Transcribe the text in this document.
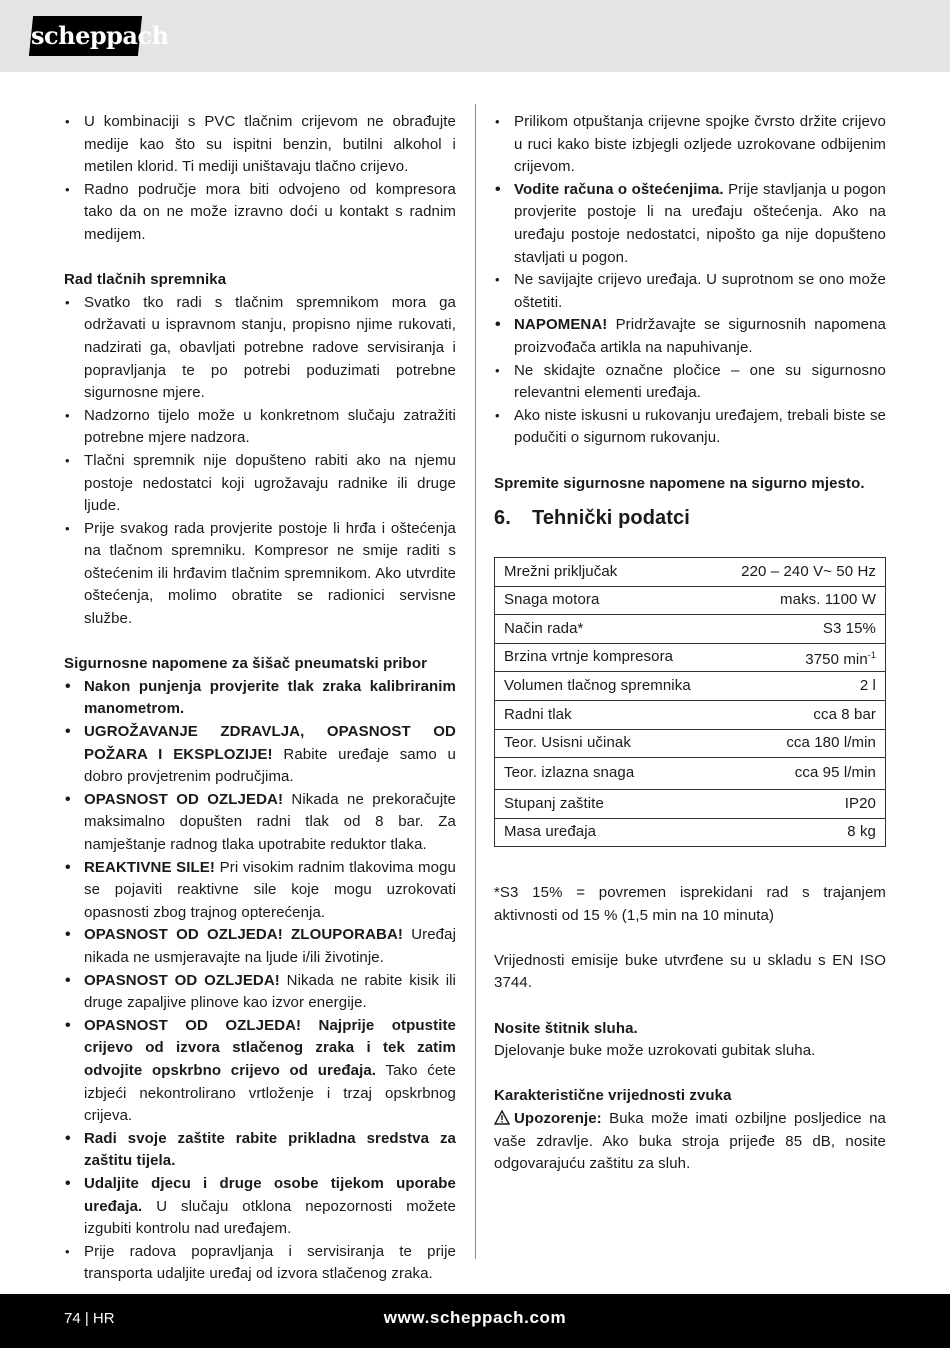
scheppach
• U kombinaciji s PVC tlačnim crijevom ne obrađujte medije kao što su ispitni benzin, butilni alkohol i metilen klorid. Ti mediji uništavaju tlačno crijevo.
• Radno područje mora biti odvojeno od kompresora tako da on ne može izravno doći u kontakt s radnim medijem.
Rad tlačnih spremnika
• Svatko tko radi s tlačnim spremnikom mora ga održavati u ispravnom stanju, propisno njime rukovati, nadzirati ga, obavljati potrebne radove servisiranja i popravljanja te po potrebi poduzimati potrebne sigurnosne mjere.
• Nadzorno tijelo može u konkretnom slučaju zatražiti potrebne mjere nadzora.
• Tlačni spremnik nije dopušteno rabiti ako na njemu postoje nedostatci koji ugrožavaju radnike ili druge ljude.
• Prije svakog rada provjerite postoje li hrđa i oštećenja na tlačnom spremniku. Kompresor ne smije raditi s oštećenim ili hrđavim tlačnim spremnikom. Ako utvrdite oštećenja, molimo obratite se radionici servisne službe.
Sigurnosne napomene za šišač pneumatski pribor
• Nakon punjenja provjerite tlak zraka kalibriranim manometrom.
• UGROŽAVANJE ZDRAVLJA, OPASNOST OD POŽARA I EKSPLOZIJE! Rabite uređaje samo u dobro provjetrenim područjima.
• OPASNOST OD OZLJEDA! Nikada ne prekoračujte maksimalno dopušten radni tlak od 8 bar. Za namještanje radnog tlaka upotrabite reduktor tlaka.
• REAKTIVNE SILE! Pri visokim radnim tlakovima mogu se pojaviti reaktivne sile koje mogu uzrokovati opasnosti zbog trajnog opterećenja.
• OPASNOST OD OZLJEDA! ZLOUPORABA! Uređaj nikada ne usmjeravajte na ljude i/ili životinje.
• OPASNOST OD OZLJEDA! Nikada ne rabite kisik ili druge zapaljive plinove kao izvor energije.
• OPASNOST OD OZLJEDA! Najprije otpustite crijevo od izvora stlačenog zraka i tek zatim odvojite opskrbno crijevo od uređaja. Tako ćete izbjeći nekontrolirano vrtloženje i trzaj opskrbnog crijeva.
• Radi svoje zaštite rabite prikladna sredstva za zaštitu tijela.
• Udaljite djecu i druge osobe tijekom uporabe uređaja. U slučaju otklona nepozornosti možete izgubiti kontrolu nad uređajem.
• Prije radova popravljanja i servisiranja te prije transporta udaljite uređaj od izvora stlačenog zraka.
• Prilikom otpuštanja crijevne spojke čvrsto držite crijevo u ruci kako biste izbjegli ozljede uzrokovane odbijenim crijevom.
• Vodite računa o oštećenjima. Prije stavljanja u pogon provjerite postoje li na uređaju oštećenja. Ako na uređaju postoje nedostatci, nipošto ga nije dopušteno stavljati u pogon.
• Ne savijajte crijevo uređaja. U suprotnom se ono može oštetiti.
• NAPOMENA! Pridržavajte se sigurnosnih napomena proizvođača artikla na napuhivanje.
• Ne skidajte označne pločice – one su sigurnosno relevantni elementi uređaja.
• Ako niste iskusni u rukovanju uređajem, trebali biste se podučiti o sigurnom rukovanju.
Spremite sigurnosne napomene na sigurno mjesto.
6.	Tehnički podatci
Mrežni priključak	220 – 240 V~ 50 Hz
Snaga motora	maks. 1100 W
Način rada*	S3 15%
Brzina vrtnje kompresora	3750 $\min^{-1}$
Volumen tlačnog spremnika	2 l
Radni tlak	cca 8 bar
Teor. Usisni učinak	cca 180 l/min
Teor. izlazna snaga	cca 95 l/min
Stupanj zaštite	IP20
Masa uređaja	8 kg

*S3 15% = povremen isprekidani rad s trajanjem aktivnosti od 15 % (1,5 min na 10 minuta)

Vrijednosti emisije buke utvrđene su u skladu s EN ISO 3744.

Nosite štitnik sluha.

Djelovanje buke može uzrokovati gubitak sluha.

Karakteristične vrijednosti zvuka

Upozorenje: Buka može imati ozbiljne posljedice na vaše zdravlje. Ako buka stroja prijeđe 85 dB, nosite odgovarajuću zaštitu za sluh.

74 | HR	www.scheppach.com
